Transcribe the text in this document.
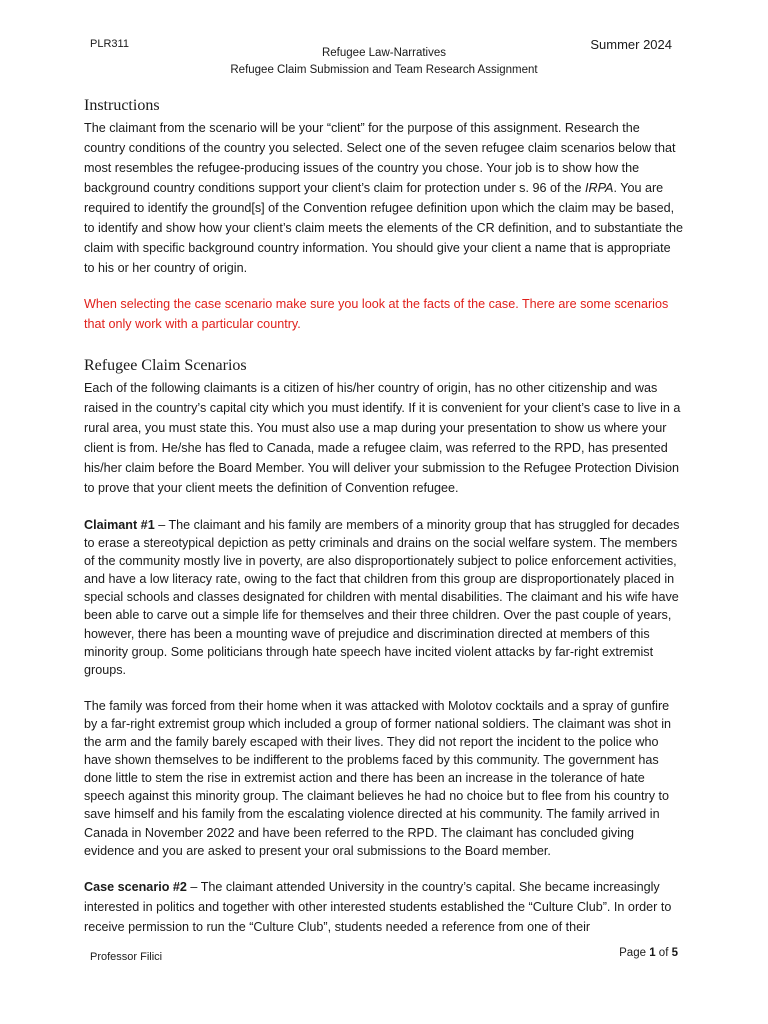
PLR311	Summer 2024
Refugee Law-Narratives
Refugee Claim Submission and Team Research Assignment
Instructions

The claimant from the scenario will be your “client” for the purpose of this assignment. Research the country conditions of the country you selected. Select one of the seven refugee claim scenarios below that most resembles the refugee-producing issues of the country you chose. Your job is to show how the background country conditions support your client’s claim for protection under s. 96 of the IRPA. You are required to identify the ground[s] of the Convention refugee definition upon which the claim may be based, to identify and show how your client’s claim meets the elements of the CR definition, and to substantiate the claim with specific background country information. You should give your client a name that is appropriate to his or her country of origin.

When selecting the case scenario make sure you look at the facts of the case. There are some scenarios that only work with a particular country.

Refugee Claim Scenarios

Each of the following claimants is a citizen of his/her country of origin, has no other citizenship and was raised in the country’s capital city which you must identify. If it is convenient for your client’s case to live in a rural area, you must state this. You must also use a map during your presentation to show us where your client is from. He/she has fled to Canada, made a refugee claim, was referred to the RPD, has presented his/her claim before the Board Member. You will deliver your submission to the Refugee Protection Division to prove that your client meets the definition of Convention refugee.

Claimant #1 – The claimant and his family are members of a minority group that has struggled for decades to erase a stereotypical depiction as petty criminals and drains on the social welfare system. The members of the community mostly live in poverty, are also disproportionately subject to police enforcement activities, and have a low literacy rate, owing to the fact that children from this group are disproportionately placed in special schools and classes designated for children with mental disabilities. The claimant and his wife have been able to carve out a simple life for themselves and their three children. Over the past couple of years, however, there has been a mounting wave of prejudice and discrimination directed at members of this minority group. Some politicians through hate speech have incited violent attacks by far-right extremist groups.

The family was forced from their home when it was attacked with Molotov cocktails and a spray of gunfire by a far-right extremist group which included a group of former national soldiers. The claimant was shot in the arm and the family barely escaped with their lives. They did not report the incident to the police who have shown themselves to be indifferent to the problems faced by this community. The government has done little to stem the rise in extremist action and there has been an increase in the tolerance of hate speech against this minority group. The claimant believes he had no choice but to flee from his country to save himself and his family from the escalating violence directed at his community. The family arrived in Canada in November 2022 and have been referred to the RPD. The claimant has concluded giving evidence and you are asked to present your oral submissions to the Board member.

Case scenario #2 – The claimant attended University in the country’s capital. She became increasingly interested in politics and together with other interested students established the “Culture Club”. In order to receive permission to run the “Culture Club”, students needed a reference from one of their

Professor Filici	Page 1 of 5
